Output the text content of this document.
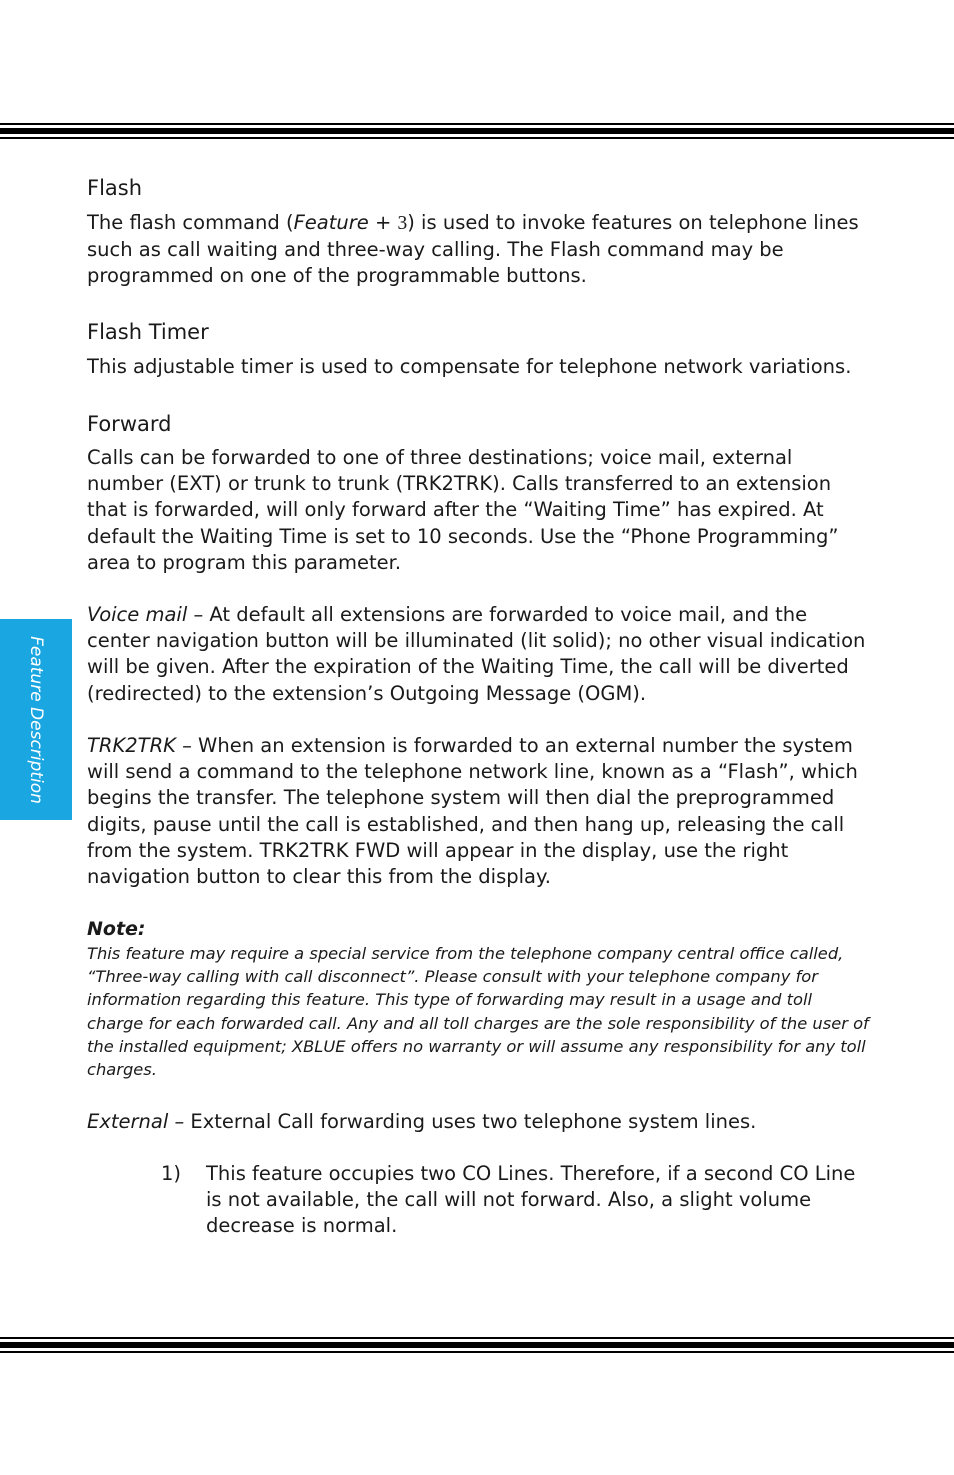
Feature Description
Flash

The flash command (Feature + 3) is used to invoke features on telephone lines such as call waiting and three-way calling. The Flash command may be programmed on one of the programmable buttons.

Flash Timer

This adjustable timer is used to compensate for telephone network variations.

Forward

Calls can be forwarded to one of three destinations; voice mail, external number (EXT) or trunk to trunk (TRK2TRK). Calls transferred to an extension that is forwarded, will only forward after the “Waiting Time” has expired. At default the Waiting Time is set to 10 seconds. Use the “Phone Programming” area to program this parameter.

Voice mail – At default all extensions are forwarded to voice mail, and the center navigation button will be illuminated (lit solid); no other visual indication will be given. After the expiration of the Waiting Time, the call will be diverted (redirected) to the extension’s Outgoing Message (OGM).

TRK2TRK – When an extension is forwarded to an external number the system will send a command to the telephone network line, known as a “Flash”, which begins the transfer. The telephone system will then dial the preprogrammed digits, pause until the call is established, and then hang up, releasing the call from the system. TRK2TRK FWD will appear in the display, use the right navigation button to clear this from the display.

Note:
This feature may require a special service from the telephone company central office called, “Three-way calling with call disconnect”. Please consult with your telephone company for information regarding this feature. This type of forwarding may result in a usage and toll charge for each forwarded call. Any and all toll charges are the sole responsibility of the user of the installed equipment; XBLUE offers no warranty or will assume any responsibility for any toll charges.

External – External Call forwarding uses two telephone system lines.

1) This feature occupies two CO Lines. Therefore, if a second CO Line is not available, the call will not forward. Also, a slight volume decrease is normal.
